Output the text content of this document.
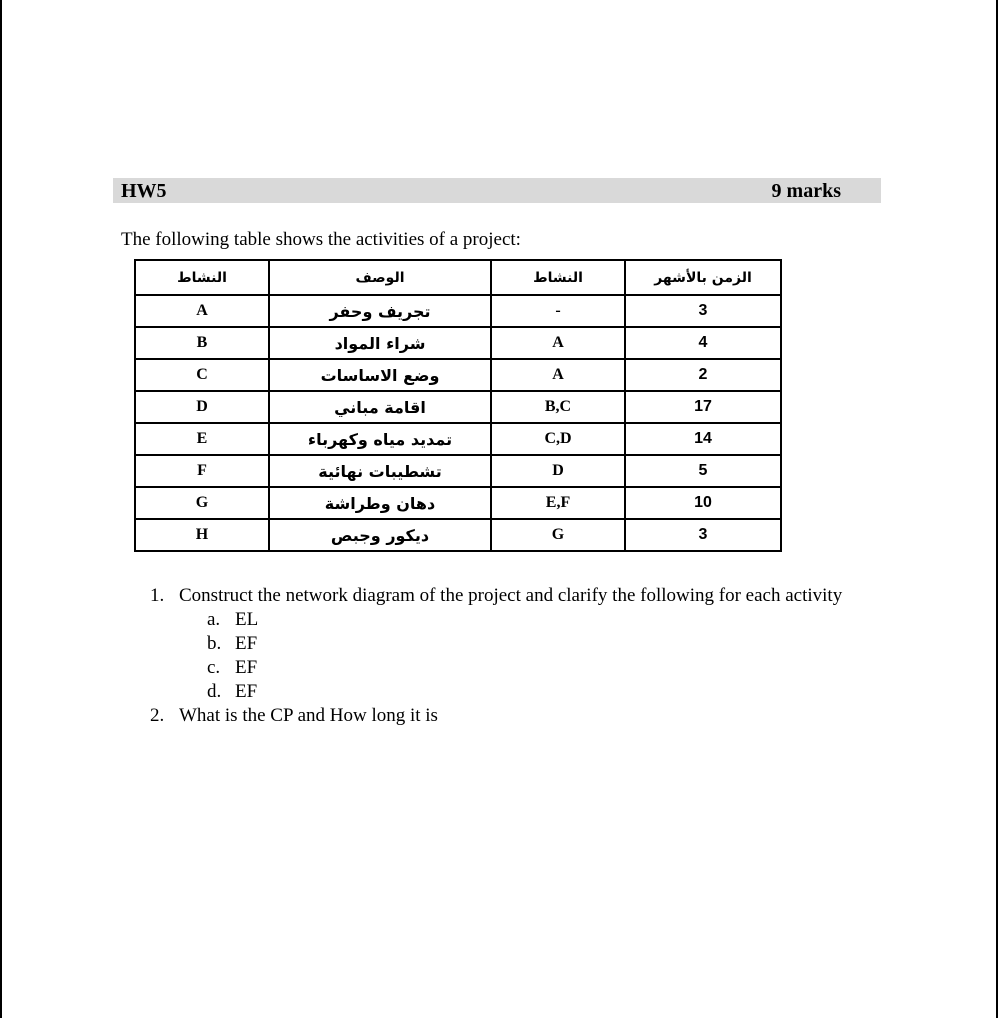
HW5	9 marks
The following table shows the activities of a project:
النشاط	الوصف	النشاط	الزمن بالأشهر
A	تجريف وحفر	-	3
B	شراء المواد	A	4
C	وضع الاساسات	A	2
D	اقامة مباني	B,C	17
E	تمديد مياه وكهرباء	C,D	14
F	تشطيبات نهائية	D	5
G	دهان وطراشة	E,F	10
H	ديكور وجبص	G	3
1. Construct the network diagram of the project and clarify the following for each activity
a. EL
b. EF
c. EF
d. EF
2. What is the CP and How long it is
